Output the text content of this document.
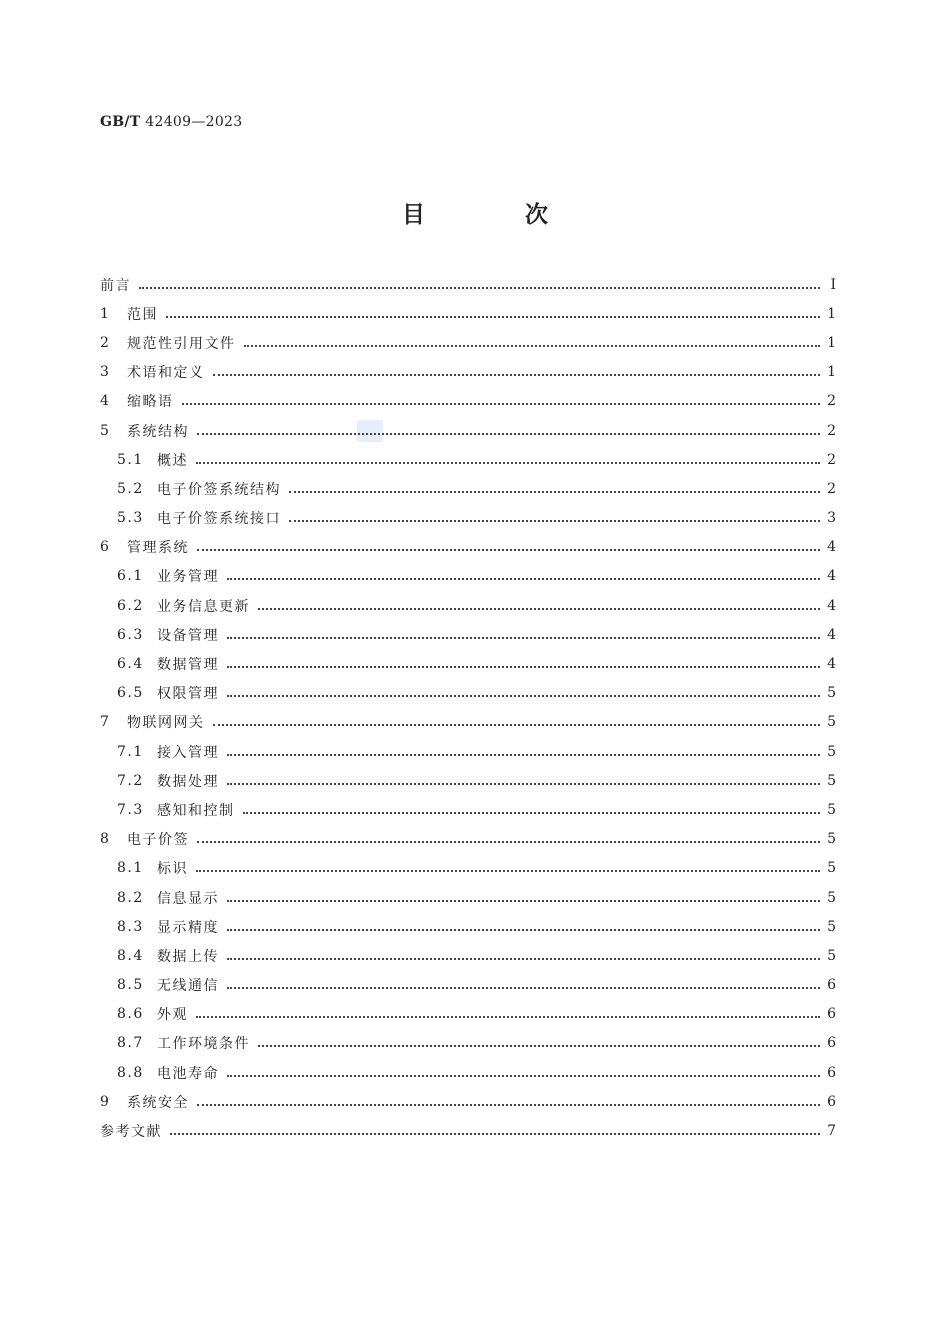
GB/T 42409—2023
目 次
前言	Ⅰ
1	范围	1
2	规范性引用文件	1
3	术语和定义	1
4	缩略语	2
5	系统结构	2
5.1 概述	2
5.2 电子价签系统结构	2
5.3 电子价签系统接口	3
6	管理系统	4
6.1 业务管理	4
6.2 业务信息更新	4
6.3 设备管理	4
6.4 数据管理	4
6.5 权限管理	5
7	物联网网关	5
7.1 接入管理	5
7.2 数据处理	5
7.3 感知和控制	5
8	电子价签	5
8.1 标识	5
8.2 信息显示	5
8.3 显示精度	5
8.4 数据上传	5
8.5 无线通信	6
8.6 外观	6
8.7 工作环境条件	6
8.8 电池寿命	6
9	系统安全	6
参考文献	7
